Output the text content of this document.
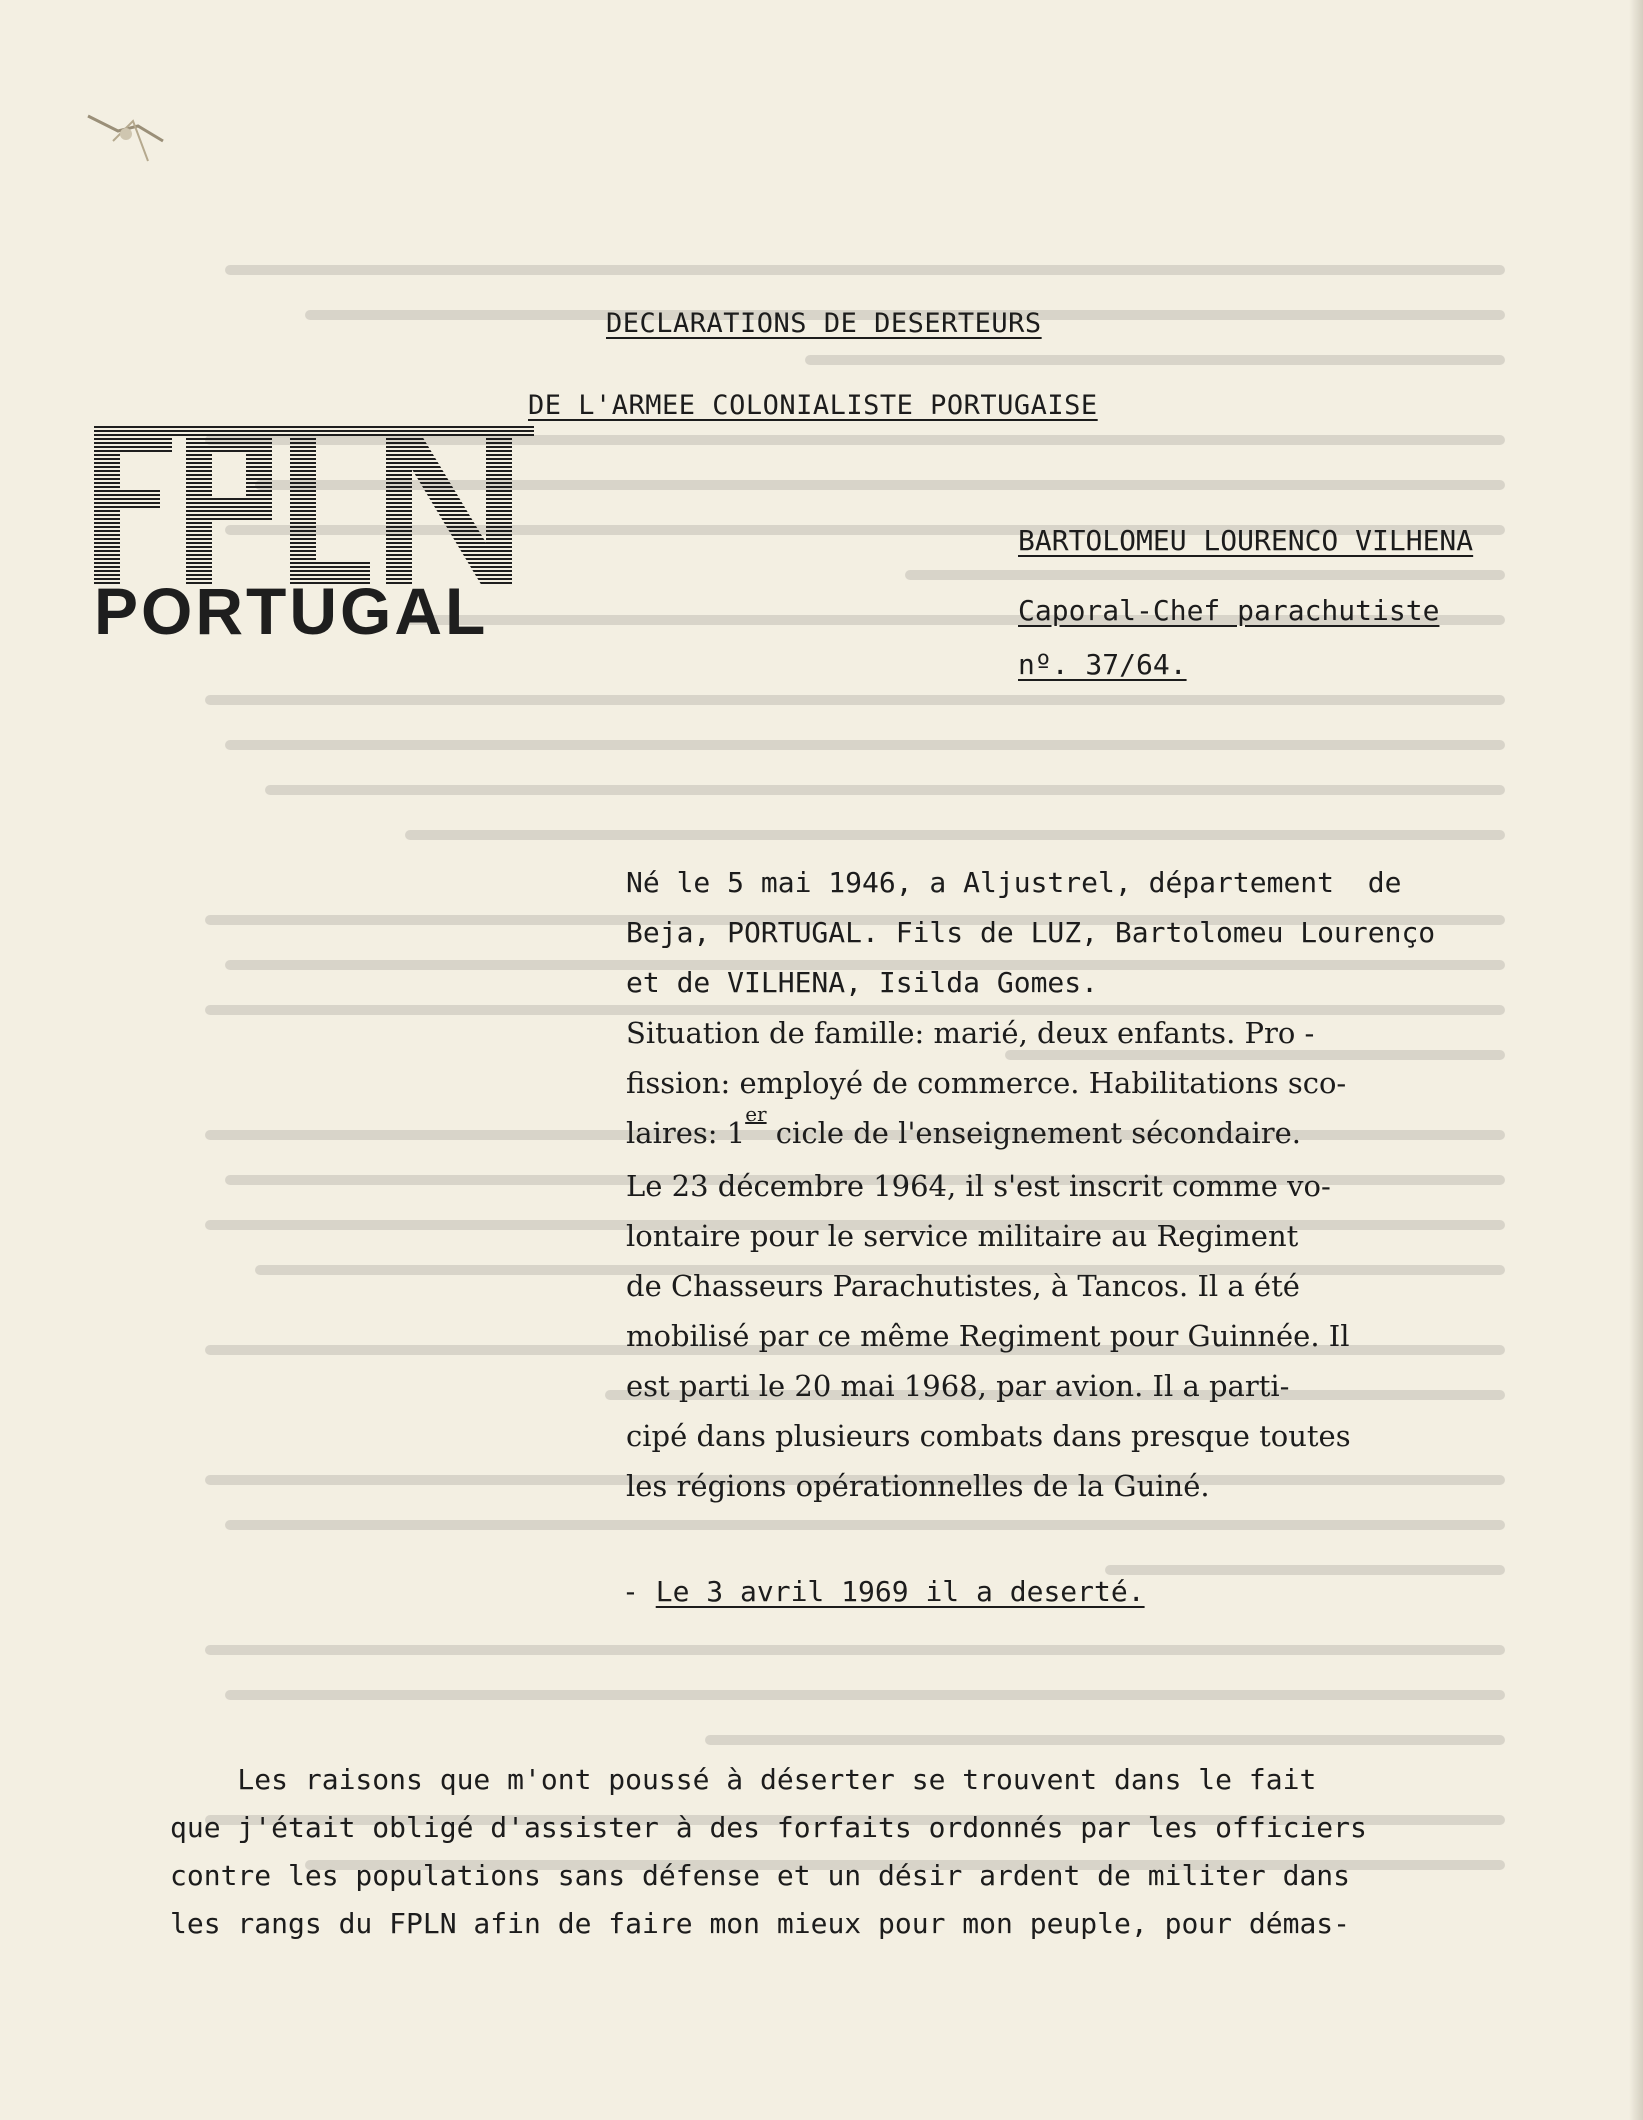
DECLARATIONS DE DESERTEURS
DE L'ARMEE COLONIALISTE PORTUGAISE
PORTUGAL
BARTOLOMEU LOURENCO VILHENA
Caporal-Chef parachutiste
nº. 37/64.
Né le 5 mai 1946, a Aljustrel, département  de
Beja, PORTUGAL. Fils de LUZ, Bartolomeu Lourenço
et de VILHENA, Isilda Gomes.
Situation de famille: marié, deux enfants. Pro -
fission: employé de commerce. Habilitations sco-
laires: 1er cicle de l'enseignement sécondaire.
Le 23 décembre 1964, il s'est inscrit comme vo-
lontaire pour le service militaire au Regiment
de Chasseurs Parachutistes, à Tancos. Il a été
mobilisé par ce même Regiment pour Guinnée. Il
est parti le 20 mai 1968, par avion. Il a parti-
cipé dans plusieurs combats dans presque toutes
les régions opérationnelles de la Guiné.
- Le 3 avril 1969 il a deserté.
Les raisons que m'ont poussé à déserter se trouvent dans le fait
que j'était obligé d'assister à des forfaits ordonnés par les officiers
contre les populations sans défense et un désir ardent de militer dans
les rangs du FPLN afin de faire mon mieux pour mon peuple, pour démas-
